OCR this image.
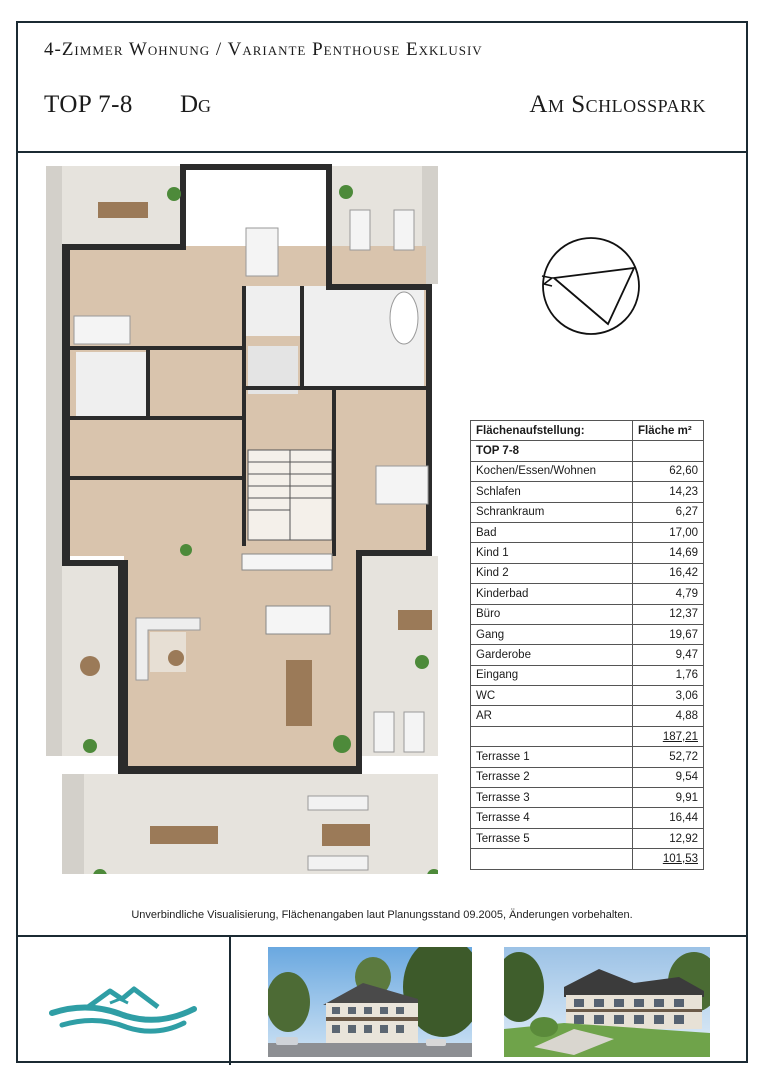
4-Zimmer Wohnung / Variante Penthouse Exklusiv
TOP 7-8 Dg	Am Schlosspark
Unverbindliche Visualisierung, Flächenangaben laut Planungsstand 09.2005, Änderungen vorbehalten.
Flächenaufstellung:	Fläche m²
TOP 7-8	
Kochen/Essen/Wohnen	62,60
Schlafen	14,23
Schrankraum	6,27
Bad	17,00
Kind 1	14,69
Kind 2	16,42
Kinderbad	4,79
Büro	12,37
Gang	19,67
Garderobe	9,47
Eingang	1,76
WC	3,06
AR	4,88
	187,21
Terrasse 1	52,72
Terrasse 2	9,54
Terrasse 3	9,91
Terrasse 4	16,44
Terrasse 5	12,92
	101,53
